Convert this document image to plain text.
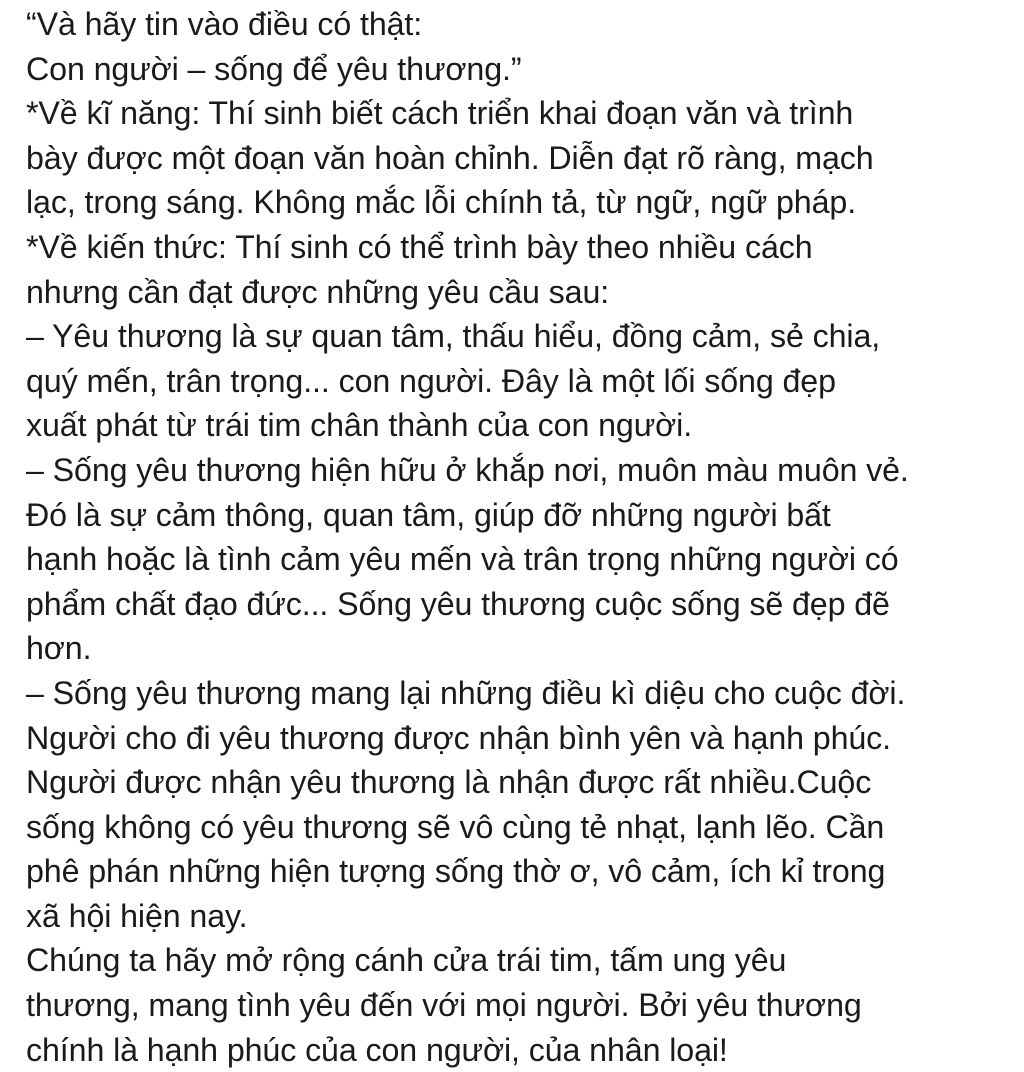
“Và hãy tin vào điều có thật:
Con người – sống để yêu thương.”
*Về kĩ năng: Thí sinh biết cách triển khai đoạn văn và trình
bày được một đoạn văn hoàn chỉnh. Diễn đạt rõ ràng, mạch
lạc, trong sáng. Không mắc lỗi chính tả, từ ngữ, ngữ pháp.
*Về kiến thức: Thí sinh có thể trình bày theo nhiều cách
nhưng cần đạt được những yêu cầu sau:
– Yêu thương là sự quan tâm, thấu hiểu, đồng cảm, sẻ chia,
quý mến, trân trọng... con người. Đây là một lối sống đẹp
xuất phát từ trái tim chân thành của con người.
– Sống yêu thương hiện hữu ở khắp nơi, muôn màu muôn vẻ.
Đó là sự cảm thông, quan tâm, giúp đỡ những người bất
hạnh hoặc là tình cảm yêu mến và trân trọng những người có
phẩm chất đạo đức... Sống yêu thương cuộc sống sẽ đẹp đẽ
hơn.
– Sống yêu thương mang lại những điều kì diệu cho cuộc đời.
Người cho đi yêu thương được nhận bình yên và hạnh phúc.
Người được nhận yêu thương là nhận được rất nhiều.Cuộc
sống không có yêu thương sẽ vô cùng tẻ nhạt, lạnh lẽo. Cần
phê phán những hiện tượng sống thờ ơ, vô cảm, ích kỉ trong
xã hội hiện nay.
Chúng ta hãy mở rộng cánh cửa trái tim, tấm ung yêu
thương, mang tình yêu đến với mọi người. Bởi yêu thương
chính là hạnh phúc của con người, của nhân loại!
